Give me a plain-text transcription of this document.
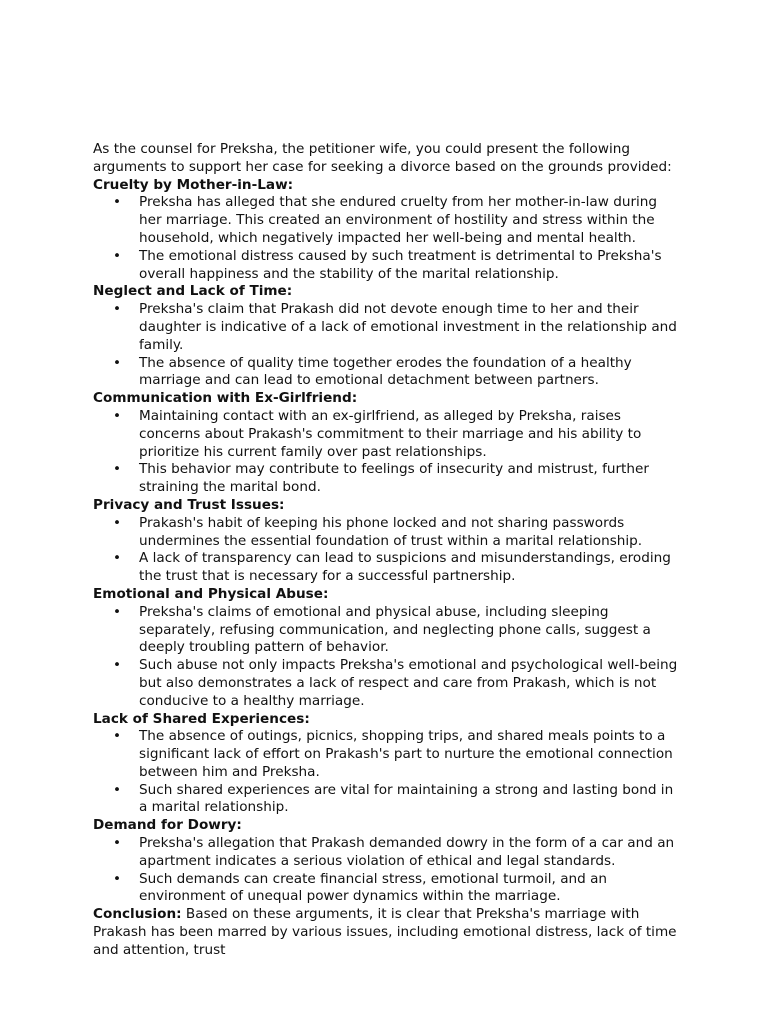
As the counsel for Preksha, the petitioner wife, you could present the following arguments to support her case for seeking a divorce based on the grounds provided:

Cruelty by Mother-in-Law:

• Preksha has alleged that she endured cruelty from her mother-in-law during her marriage. This created an environment of hostility and stress within the household, which negatively impacted her well-being and mental health.
• The emotional distress caused by such treatment is detrimental to Preksha's overall happiness and the stability of the marital relationship.

Neglect and Lack of Time:

• Preksha's claim that Prakash did not devote enough time to her and their daughter is indicative of a lack of emotional investment in the relationship and family.
• The absence of quality time together erodes the foundation of a healthy marriage and can lead to emotional detachment between partners.

Communication with Ex-Girlfriend:

• Maintaining contact with an ex-girlfriend, as alleged by Preksha, raises concerns about Prakash's commitment to their marriage and his ability to prioritize his current family over past relationships.
• This behavior may contribute to feelings of insecurity and mistrust, further straining the marital bond.

Privacy and Trust Issues:

• Prakash's habit of keeping his phone locked and not sharing passwords undermines the essential foundation of trust within a marital relationship.
• A lack of transparency can lead to suspicions and misunderstandings, eroding the trust that is necessary for a successful partnership.

Emotional and Physical Abuse:

• Preksha's claims of emotional and physical abuse, including sleeping separately, refusing communication, and neglecting phone calls, suggest a deeply troubling pattern of behavior.
• Such abuse not only impacts Preksha's emotional and psychological well-being but also demonstrates a lack of respect and care from Prakash, which is not conducive to a healthy marriage.

Lack of Shared Experiences:

• The absence of outings, picnics, shopping trips, and shared meals points to a significant lack of effort on Prakash's part to nurture the emotional connection between him and Preksha.
• Such shared experiences are vital for maintaining a strong and lasting bond in a marital relationship.

Demand for Dowry:

• Preksha's allegation that Prakash demanded dowry in the form of a car and an apartment indicates a serious violation of ethical and legal standards.
• Such demands can create financial stress, emotional turmoil, and an environment of unequal power dynamics within the marriage.

Conclusion: Based on these arguments, it is clear that Preksha's marriage with Prakash has been marred by various issues, including emotional distress, lack of time and attention, trust
